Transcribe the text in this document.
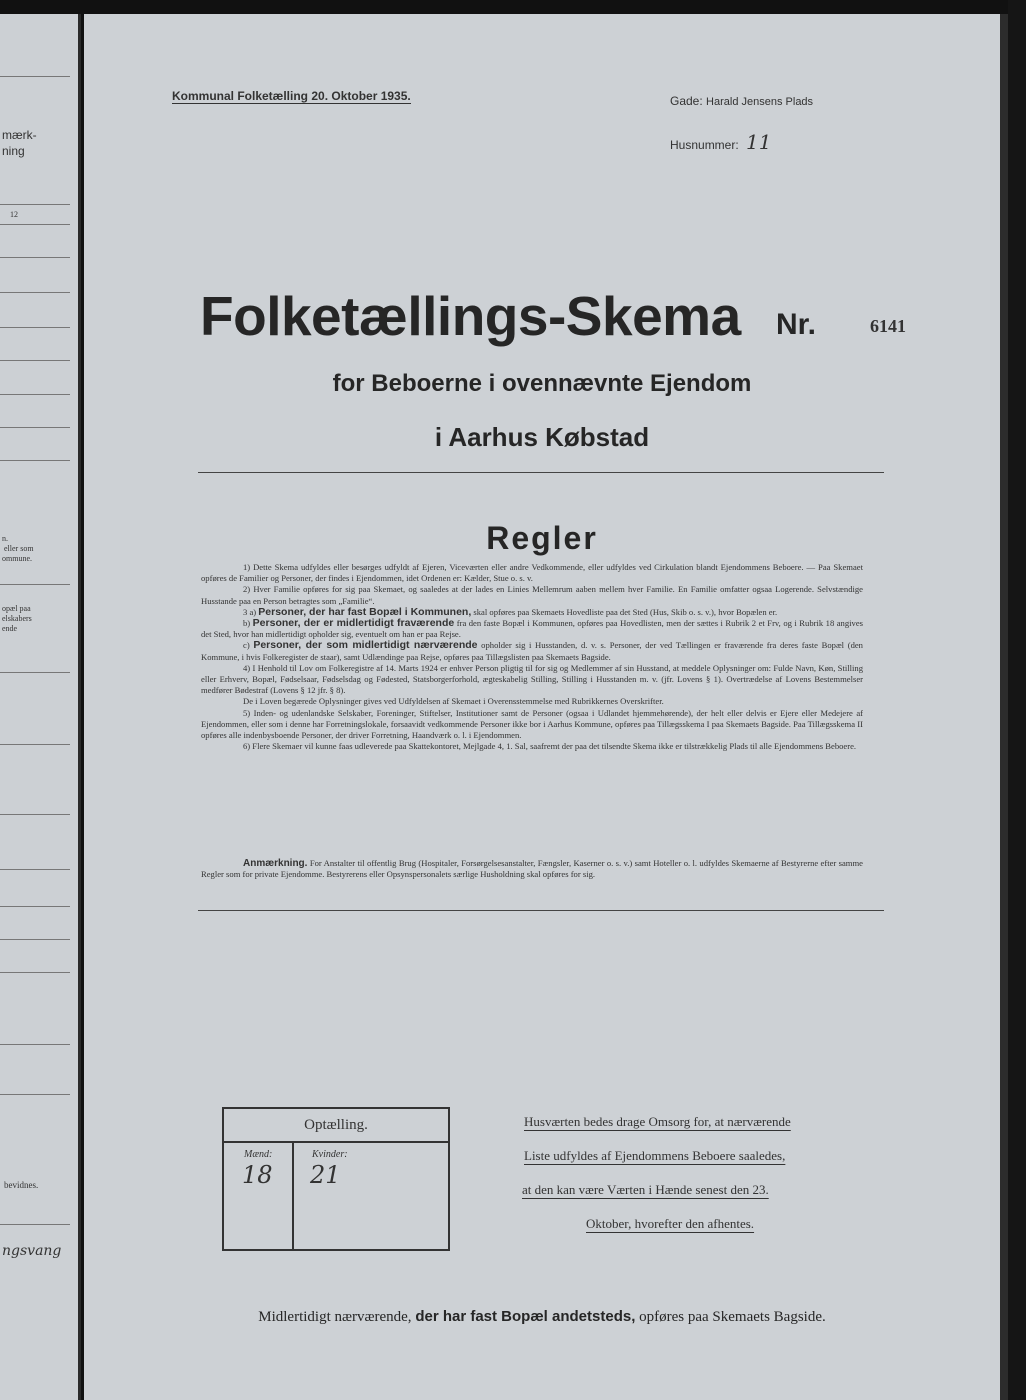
mærk-
ning
12
n.
eller som
ommune.
opæl paa
elskabers
ende
bevidnes.
ngsvang
Kommunal Folketælling 20. Oktober 1935.	Gade: Harald Jensens Plads
Husnummer: 11
Folketællings-Skema Nr.	6141
for Beboerne i ovennævnte Ejendom
i Aarhus Købstad
Regler

1) Dette Skema udfyldes eller besørges udfyldt af Ejeren, Viceværten eller andre Vedkommende, eller udfyldes ved Cirkulation blandt Ejendommens Beboere. — Paa Skemaet opføres de Familier og Personer, der findes i Ejendommen, idet Ordenen er: Kælder, Stue o. s. v.

2) Hver Familie opføres for sig paa Skemaet, og saaledes at der lades en Linies Mellemrum aaben mellem hver Familie. En Familie omfatter ogsaa Logerende. Selvstændige Husstande paa en Person betragtes som „Familie“.

3 a) Personer, der har fast Bopæl i Kommunen, skal opføres paa Skemaets Hovedliste paa det Sted (Hus, Skib o. s. v.), hvor Bopælen er.

b) Personer, der er midlertidigt fraværende fra den faste Bopæl i Kommunen, opføres paa Hovedlisten, men der sættes i Rubrik 2 et Frv, og i Rubrik 18 angives det Sted, hvor han midlertidigt opholder sig, eventuelt om han er paa Rejse.

c) Personer, der som midlertidigt nærværende opholder sig i Husstanden, d. v. s. Personer, der ved Tællingen er fraværende fra deres faste Bopæl (den Kommune, i hvis Folkeregister de staar), samt Udlændinge paa Rejse, opføres paa Tillægslisten paa Skemaets Bagside.

4) I Henhold til Lov om Folkeregistre af 14. Marts 1924 er enhver Person pligtig til for sig og Medlemmer af sin Husstand, at meddele Oplysninger om: Fulde Navn, Køn, Stilling eller Erhverv, Bopæl, Fødselsaar, Fødselsdag og Fødested, Statsborgerforhold, ægteskabelig Stilling, Stilling i Husstanden m. v. (jfr. Lovens § 1). Overtrædelse af Lovens Bestemmelser medfører Bødestraf (Lovens § 12 jfr. § 8).

De i Loven begærede Oplysninger gives ved Udfyldelsen af Skemaet i Overensstemmelse med Rubrikkernes Overskrifter.

5) Inden- og udenlandske Selskaber, Foreninger, Stiftelser, Institutioner samt de Personer (ogsaa i Udlandet hjemmehørende), der helt eller delvis er Ejere eller Medejere af Ejendommen, eller som i denne har Forretningslokale, forsaavidt vedkommende Personer ikke bor i Aarhus Kommune, opføres paa Tillægsskema I paa Skemaets Bagside. Paa Tillægsskema II opføres alle indenbysboende Personer, der driver Forretning, Haandværk o. l. i Ejendommen.

6) Flere Skemaer vil kunne faas udleverede paa Skattekontoret, Mejlgade 4, 1. Sal, saafremt der paa det tilsendte Skema ikke er tilstrækkelig Plads til alle Ejendommens Beboere.

Anmærkning. For Anstalter til offentlig Brug (Hospitaler, Forsørgelsesanstalter, Fængsler, Kaserner o. s. v.) samt Hoteller o. l. udfyldes Skemaerne af Bestyrerne efter samme Regler som for private Ejendomme. Bestyrerens eller Opsynspersonalets særlige Husholdning skal opføres for sig.
Optælling.
Mænd:	Kvinder:
18 21
Husværten bedes drage Omsorg for, at nærværende
Liste udfyldes af Ejendommens Beboere saaledes,
at den kan være Værten i Hænde senest den 23.
Oktober, hvorefter den afhentes.
Midlertidigt nærværende, der har fast Bopæl andetsteds, opføres paa Skemaets Bagside.
